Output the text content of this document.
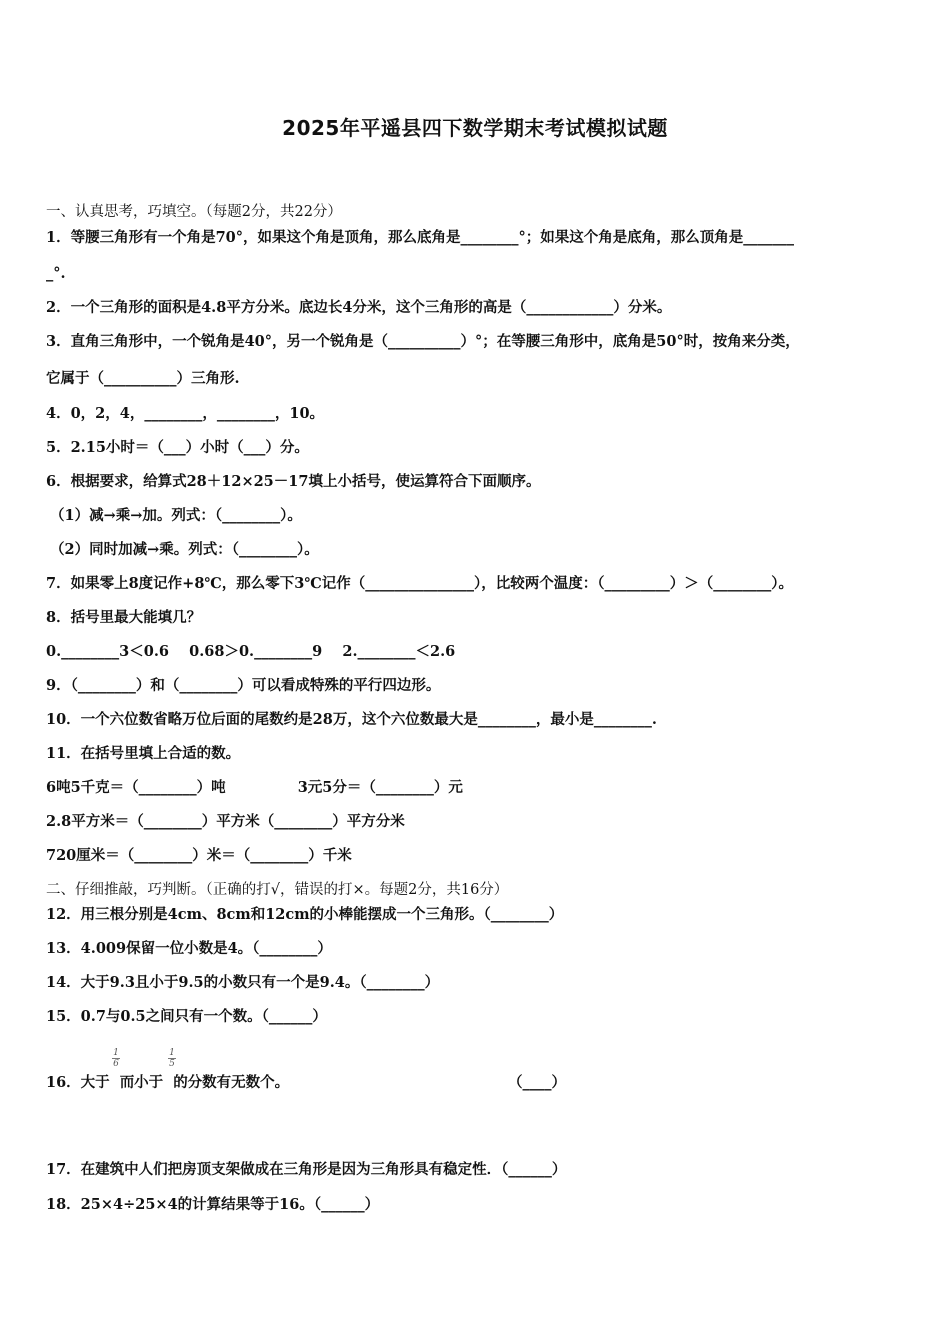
2025年平遥县四下数学期末考试模拟试题
一、认真思考，巧填空。（每题2分，共22分）
1．等腰三角形有一个角是70°，如果这个角是顶角，那么底角是________°；如果这个角是底角，那么顶角是_______
_°.
2．一个三角形的面积是4.8平方分米。底边长4分米，这个三角形的高是（____________）分米。
3．直角三角形中，一个锐角是40°，另一个锐角是（__________）°；在等腰三角形中，底角是50°时，按角来分类，
它属于（__________）三角形.
4．0，2，4，________，________，10。
5．2.15小时＝（___）小时（___）分。
6．根据要求，给算式28＋12×25－17填上小括号，使运算符合下面顺序。
（1）减→乘→加。列式：（________）。
（2）同时加减→乘。列式：（________）。
7．如果零上8度记作+8℃，那么零下3℃记作（_______________），比较两个温度：（_________）＞（________）。
8．括号里最大能填几？
0.________3＜0.6    0.68＞0.________9    2.________＜2.6
9．（________）和（________）可以看成特殊的平行四边形。
10．一个六位数省略万位后面的尾数约是28万，这个六位数最大是________，最小是________.
11．在括号里填上合适的数。
6吨5千克＝（________）吨	3元5分＝（________）元
2.8平方米＝（________）平方米（________）平方分米
720厘米＝（________）米＝（________）千米
二、仔细推敲，巧判断。（正确的打√，错误的打×。每题2分，共16分）
12．用三根分别是4cm、8cm和12cm的小棒能摆成一个三角形。（________）
13．4.009保留一位小数是4。（________）
14．大于9.3且小于9.5的小数只有一个是9.4。（________）
15．0.7与0.5之间只有一个数。（______）
16．大于 而小于 的分数有无数个。	（____）
1
6
1
5
17．在建筑中人们把房顶支架做成在三角形是因为三角形具有稳定性．（______）
18．25×4÷25×4的计算结果等于16。（______）
